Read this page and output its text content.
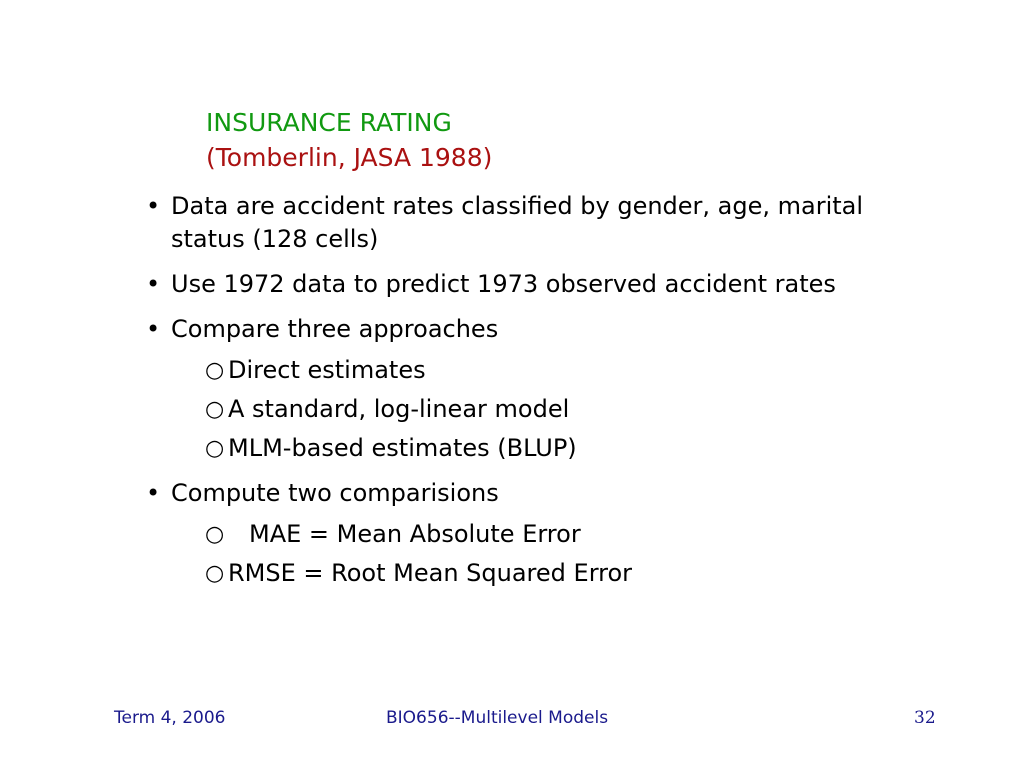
INSURANCE RATING
(Tomberlin, JASA 1988)
• Data are accident rates classified by gender, age, marital status (128 cells)
• Use 1972 data to predict 1973 observed accident rates
• Compare three approaches
○ Direct estimates
○ A standard, log-linear model
○ MLM-based estimates (BLUP)
• Compute two comparisions
○ MAE = Mean Absolute Error
○ RMSE = Root Mean Squared Error
Term 4, 2006	BIO656--Multilevel Models	32
